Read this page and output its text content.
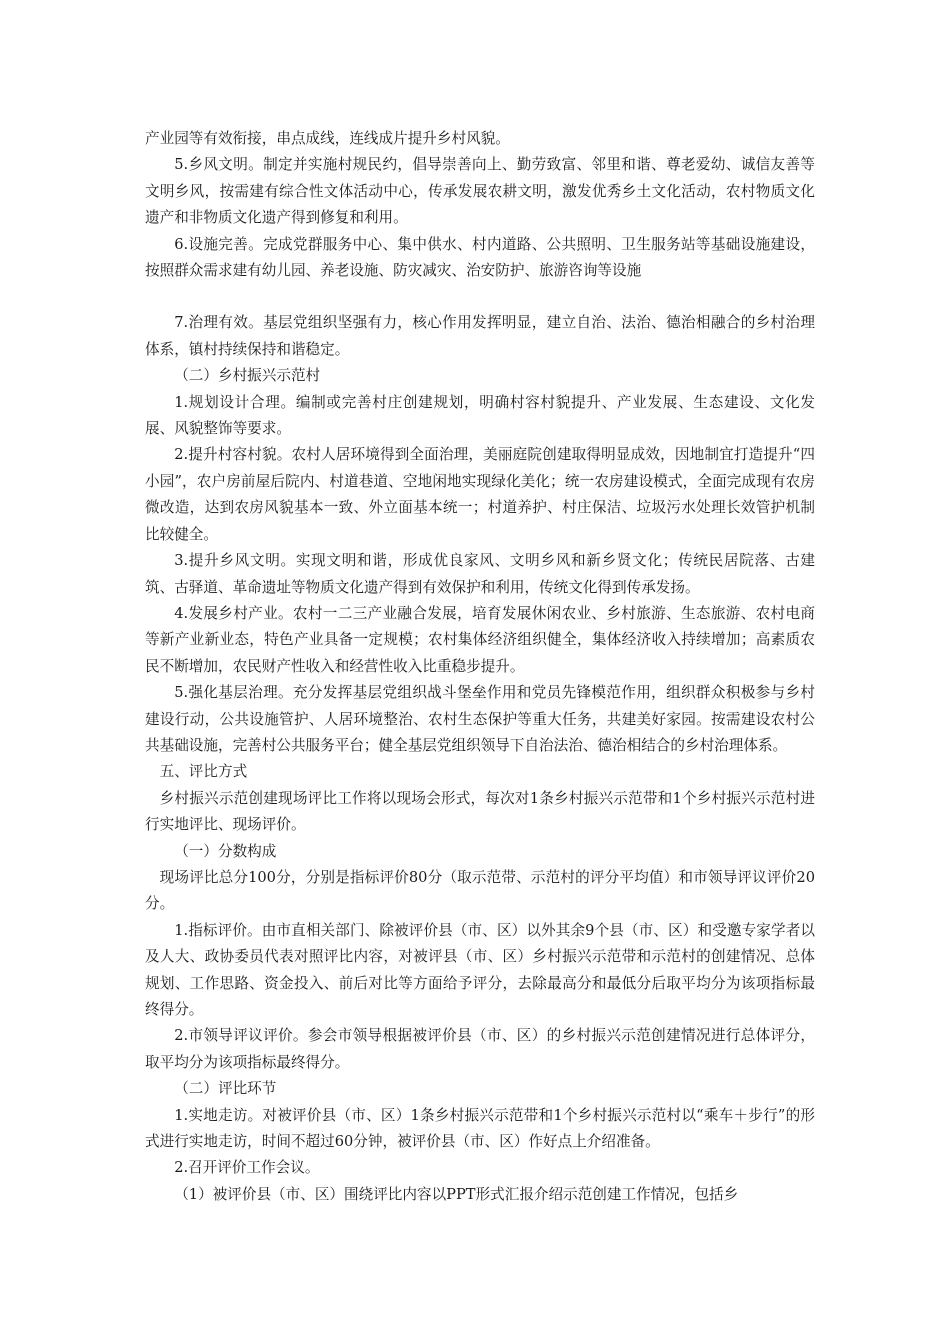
产业园等有效衔接，串点成线，连线成片提升乡村风貌。

5.乡风文明。制定并实施村规民约，倡导崇善向上、勤劳致富、邻里和谐、尊老爱幼、诚信友善等文明乡风，按需建有综合性文体活动中心，传承发展农耕文明，激发优秀乡土文化活动，农村物质文化遗产和非物质文化遗产得到修复和利用。

6.设施完善。完成党群服务中心、集中供水、村内道路、公共照明、卫生服务站等基础设施建设，按照群众需求建有幼儿园、养老设施、防灾减灾、治安防护、旅游咨询等设施

7.治理有效。基层党组织坚强有力，核心作用发挥明显，建立自治、法治、德治相融合的乡村治理体系，镇村持续保持和谐稳定。

（二）乡村振兴示范村

1.规划设计合理。编制或完善村庄创建规划，明确村容村貌提升、产业发展、生态建设、文化发展、风貌整饰等要求。

2.提升村容村貌。农村人居环境得到全面治理，美丽庭院创建取得明显成效，因地制宜打造提升“四小园”，农户房前屋后院内、村道巷道、空地闲地实现绿化美化；统一农房建设模式，全面完成现有农房微改造，达到农房风貌基本一致、外立面基本统一；村道养护、村庄保洁、垃圾污水处理长效管护机制比较健全。

3.提升乡风文明。实现文明和谐，形成优良家风、文明乡风和新乡贤文化；传统民居院落、古建筑、古驿道、革命遗址等物质文化遗产得到有效保护和利用，传统文化得到传承发扬。

4.发展乡村产业。农村一二三产业融合发展，培育发展休闲农业、乡村旅游、生态旅游、农村电商等新产业新业态，特色产业具备一定规模；农村集体经济组织健全，集体经济收入持续增加；高素质农民不断增加，农民财产性收入和经营性收入比重稳步提升。

5.强化基层治理。充分发挥基层党组织战斗堡垒作用和党员先锋模范作用，组织群众积极参与乡村建设行动，公共设施管护、人居环境整治、农村生态保护等重大任务，共建美好家园。按需建设农村公共基础设施，完善村公共服务平台；健全基层党组织领导下自治法治、德治相结合的乡村治理体系。

五、评比方式

乡村振兴示范创建现场评比工作将以现场会形式，每次对1条乡村振兴示范带和1个乡村振兴示范村进行实地评比、现场评价。

（一）分数构成

现场评比总分100分，分别是指标评价80分（取示范带、示范村的评分平均值）和市领导评议评价20分。

1.指标评价。由市直相关部门、除被评价县（市、区）以外其余9个县（市、区）和受邀专家学者以及人大、政协委员代表对照评比内容，对被评县（市、区）乡村振兴示范带和示范村的创建情况、总体规划、工作思路、资金投入、前后对比等方面给予评分，去除最高分和最低分后取平均分为该项指标最终得分。

2.市领导评议评价。参会市领导根据被评价县（市、区）的乡村振兴示范创建情况进行总体评分，取平均分为该项指标最终得分。

（二）评比环节

1.实地走访。对被评价县（市、区）1条乡村振兴示范带和1个乡村振兴示范村以“乘车＋步行”的形式进行实地走访，时间不超过60分钟，被评价县（市、区）作好点上介绍准备。

2.召开评价工作会议。

（1）被评价县（市、区）围绕评比内容以PPT形式汇报介绍示范创建工作情况，包括乡
